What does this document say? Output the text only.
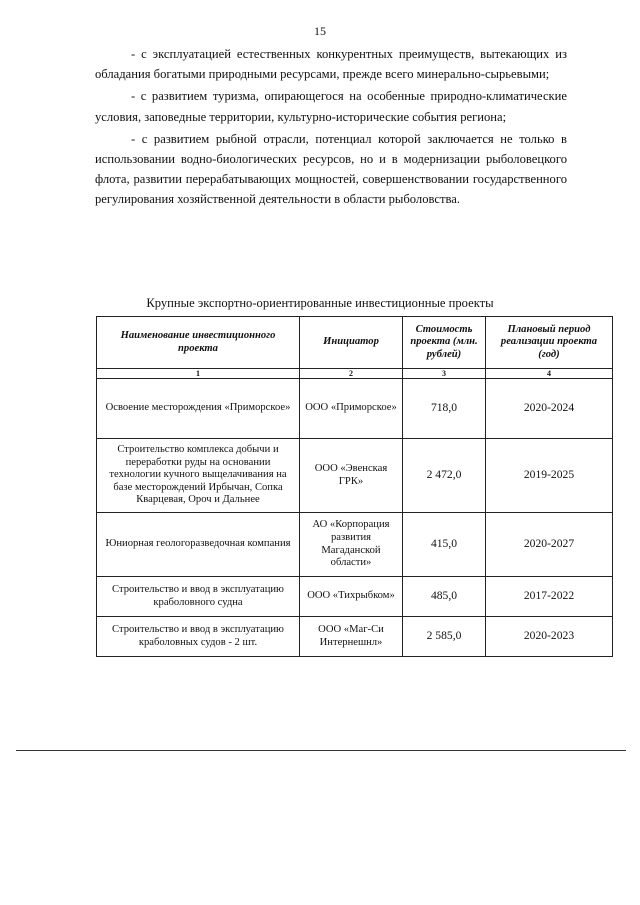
15

- с эксплуатацией естественных конкурентных преимуществ, вытекающих из обладания богатыми природными ресурсами, прежде всего минерально-сырьевыми;

- с развитием туризма, опирающегося на особенные природно-климатические условия, заповедные территории, культурно-исторические события региона;

- с развитием рыбной отрасли, потенциал которой заключается не только в использовании водно-биологических ресурсов, но и в модернизации рыболовецкого флота, развитии перерабатывающих мощностей, совершенствовании государственного регулирования хозяйственной деятельности в области рыболовства.

Крупные экспортно-ориентированные инвестиционные проекты
Наименование инвестиционного проекта	Инициатор	Стоимость проекта (млн. рублей)	Плановый период реализации проекта (год)
1	2	3	4
Освоение месторождения «Приморское»	ООО «Приморское»	718,0	2020-2024
Строительство комплекса добычи и переработки руды на основании технологии кучного выщелачивания на базе месторождений Ирбычан, Сопка Кварцевая, Ороч и Дальнее	ООО «Эвенская ГРК»	2 472,0	2019-2025
Юниорная геологоразведочная компания	АО «Корпорация развития Магаданской области»	415,0	2020-2027
Строительство и ввод в эксплуатацию краболовного судна	ООО «Тихрыбком»	485,0	2017-2022
Строительство и ввод в эксплуатацию краболовных судов - 2 шт.	ООО «Маг-Си Интернешнл»	2 585,0	2020-2023
